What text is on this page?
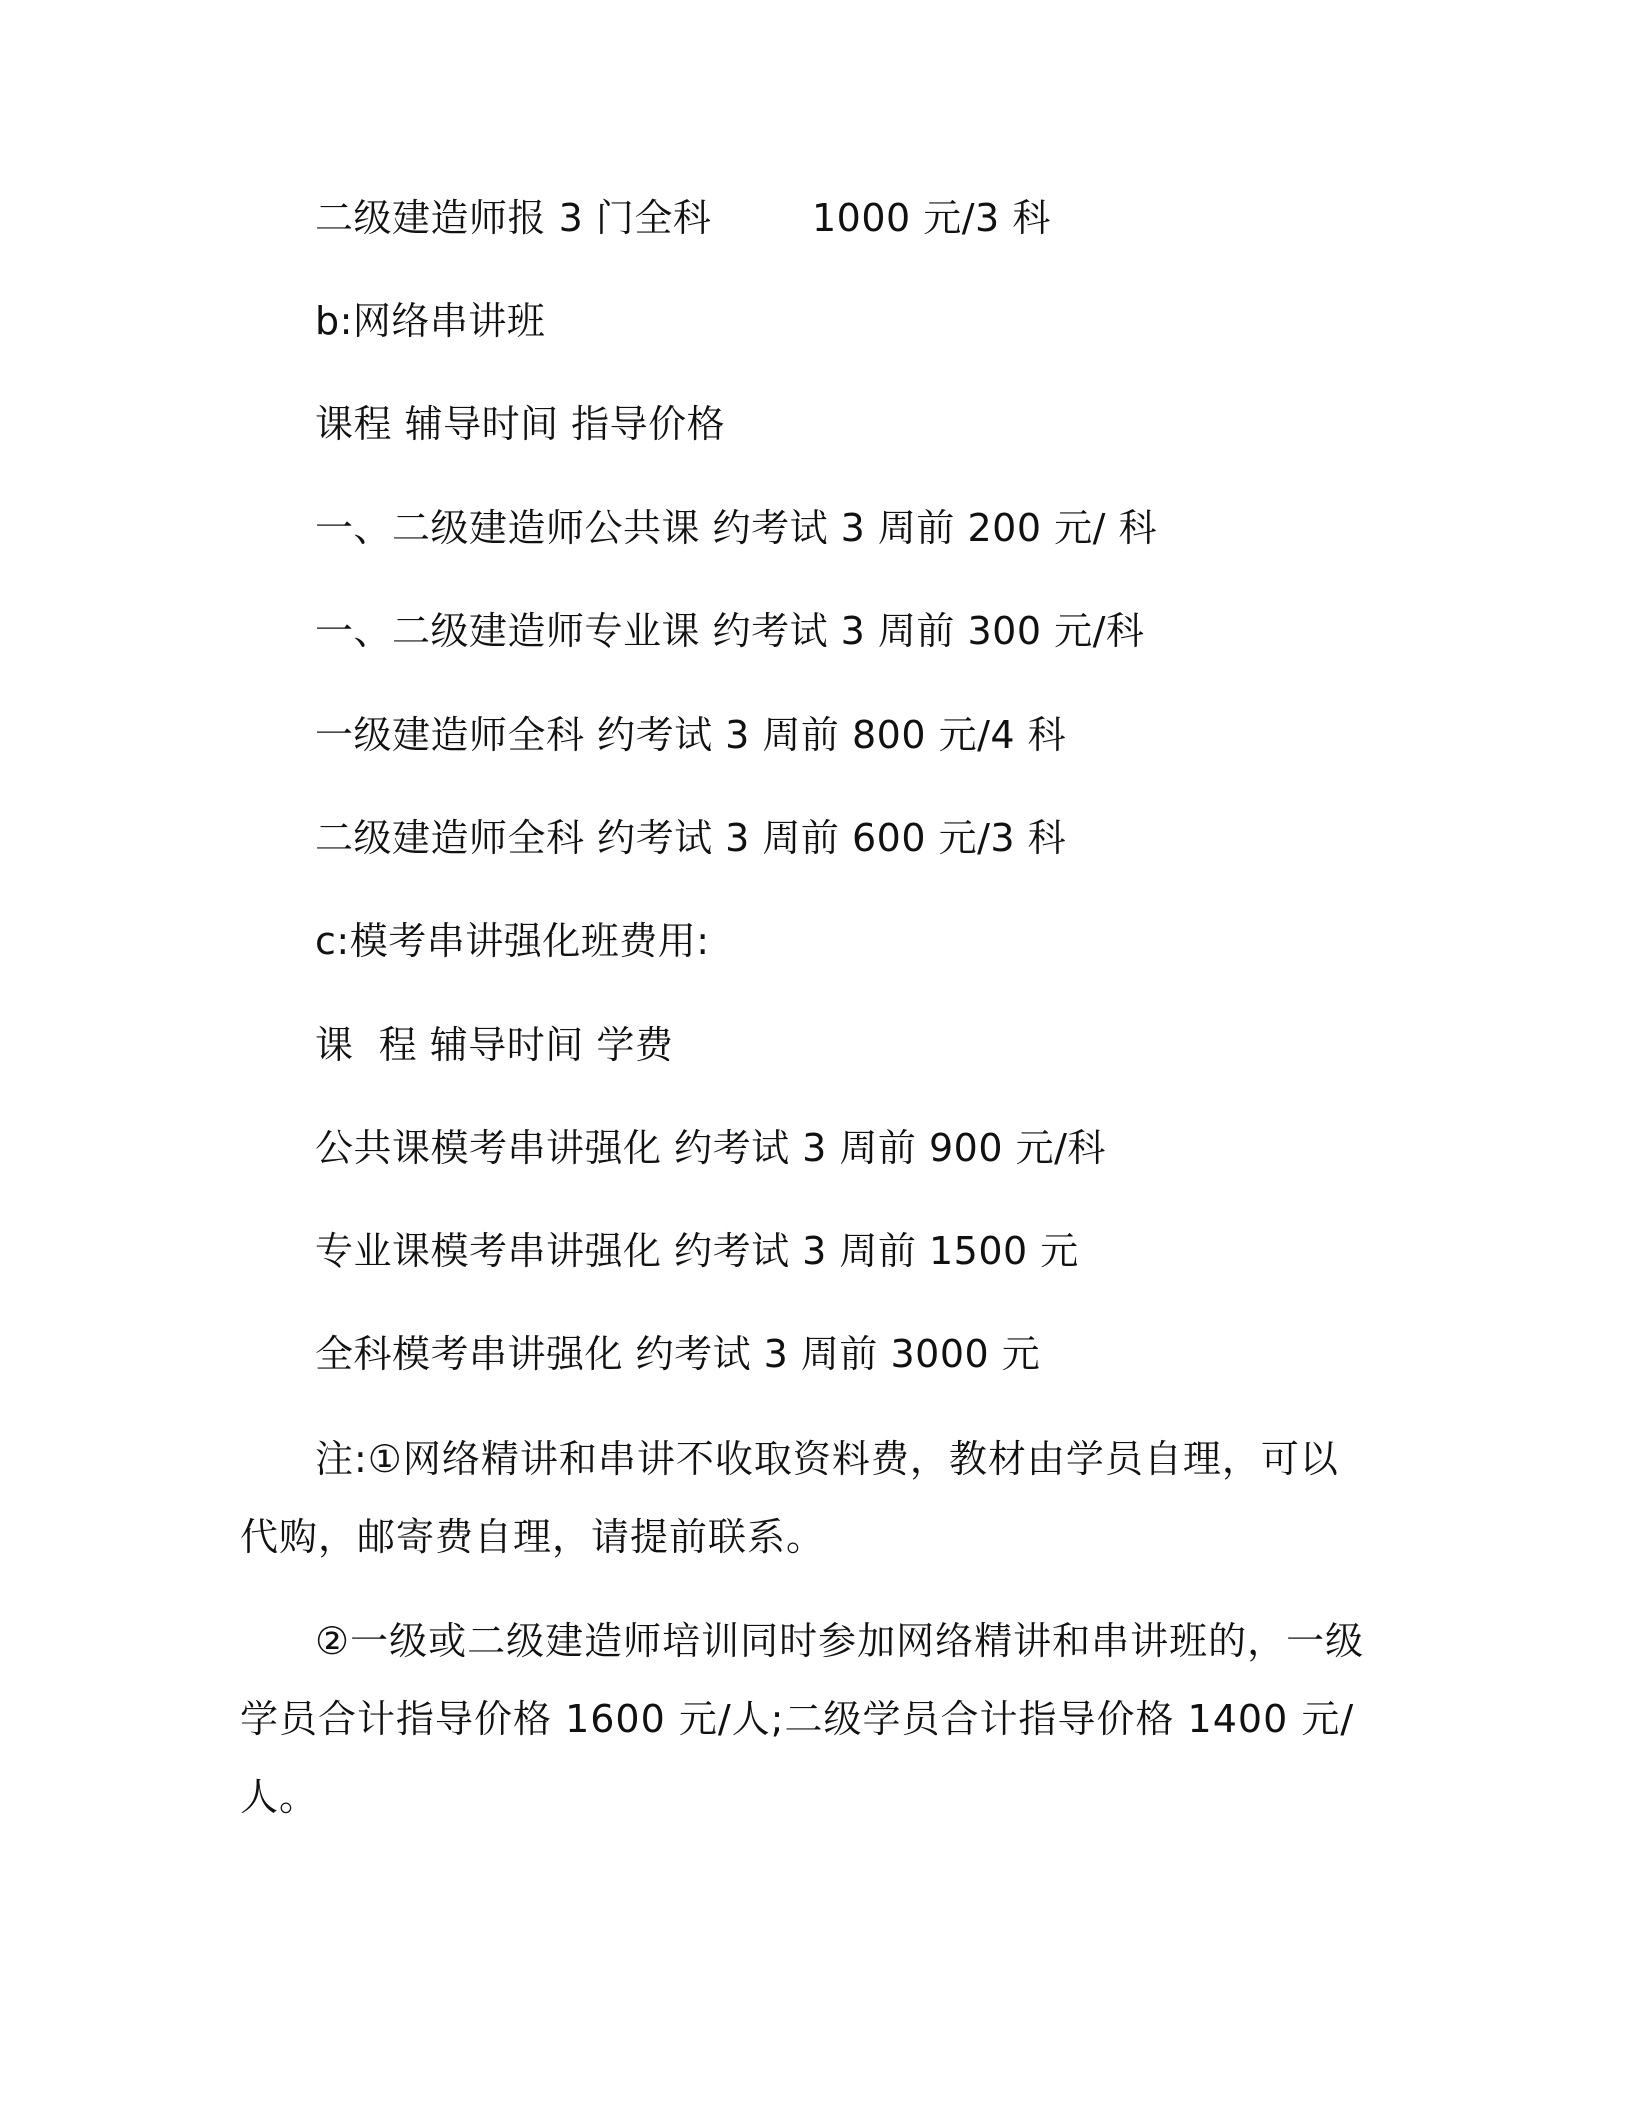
二级建造师报 3 门全科        1000 元/3 科
b:网络串讲班
课程 辅导时间 指导价格
一、二级建造师公共课 约考试 3 周前 200 元/ 科
一、二级建造师专业课 约考试 3 周前 300 元/科
一级建造师全科 约考试 3 周前 800 元/4 科
二级建造师全科 约考试 3 周前 600 元/3 科
c:模考串讲强化班费用:
课  程 辅导时间 学费
公共课模考串讲强化 约考试 3 周前 900 元/科
专业课模考串讲强化 约考试 3 周前 1500 元
全科模考串讲强化 约考试 3 周前 3000 元
注:①网络精讲和串讲不收取资料费，教材由学员自理，可以代购，邮寄费自理，请提前联系。
②一级或二级建造师培训同时参加网络精讲和串讲班的，一级学员合计指导价格 1600 元/人;二级学员合计指导价格 1400 元/人。
